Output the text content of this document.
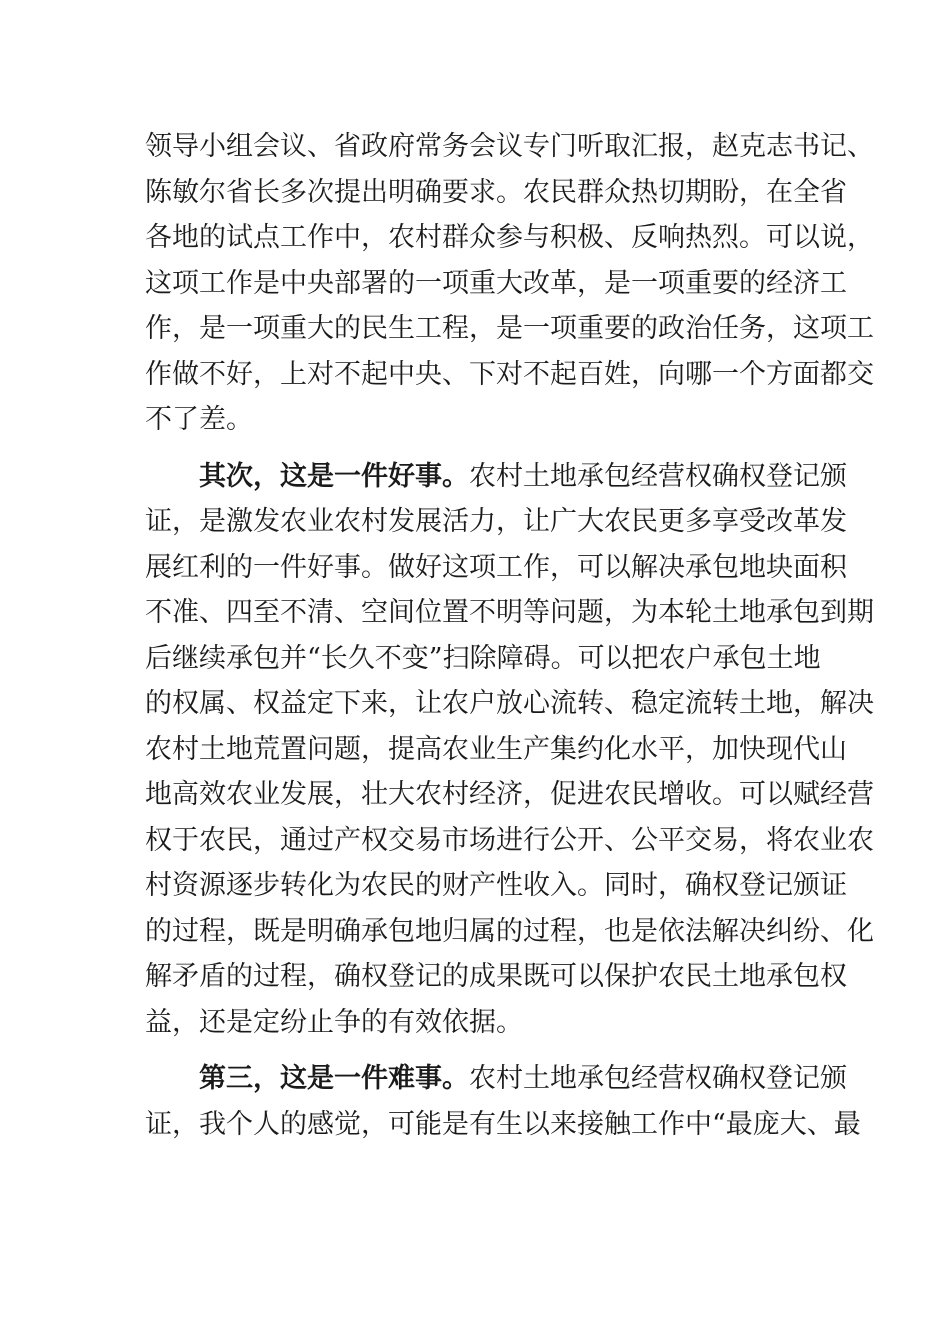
领导小组会议、省政府常务会议专门听取汇报，赵克志书记、
陈敏尔省长多次提出明确要求。农民群众热切期盼，在全省
各地的试点工作中，农村群众参与积极、反响热烈。可以说，
这项工作是中央部署的一项重大改革，是一项重要的经济工
作，是一项重大的民生工程，是一项重要的政治任务，这项工
作做不好，上对不起中央、下对不起百姓，向哪一个方面都交
不了差。
其次，这是一件好事。农村土地承包经营权确权登记颁
证，是激发农业农村发展活力，让广大农民更多享受改革发
展红利的一件好事。做好这项工作，可以解决承包地块面积
不准、四至不清、空间位置不明等问题，为本轮土地承包到期
后继续承包并“长久不变”扫除障碍。可以把农户承包土地
的权属、权益定下来，让农户放心流转、稳定流转土地，解决
农村土地荒置问题，提高农业生产集约化水平，加快现代山
地高效农业发展，壮大农村经济，促进农民增收。可以赋经营
权于农民，通过产权交易市场进行公开、公平交易，将农业农
村资源逐步转化为农民的财产性收入。同时，确权登记颁证
的过程，既是明确承包地归属的过程，也是依法解决纠纷、化
解矛盾的过程，确权登记的成果既可以保护农民土地承包权
益，还是定纷止争的有效依据。
第三，这是一件难事。农村土地承包经营权确权登记颁
证，我个人的感觉，可能是有生以来接触工作中“最庞大、最
